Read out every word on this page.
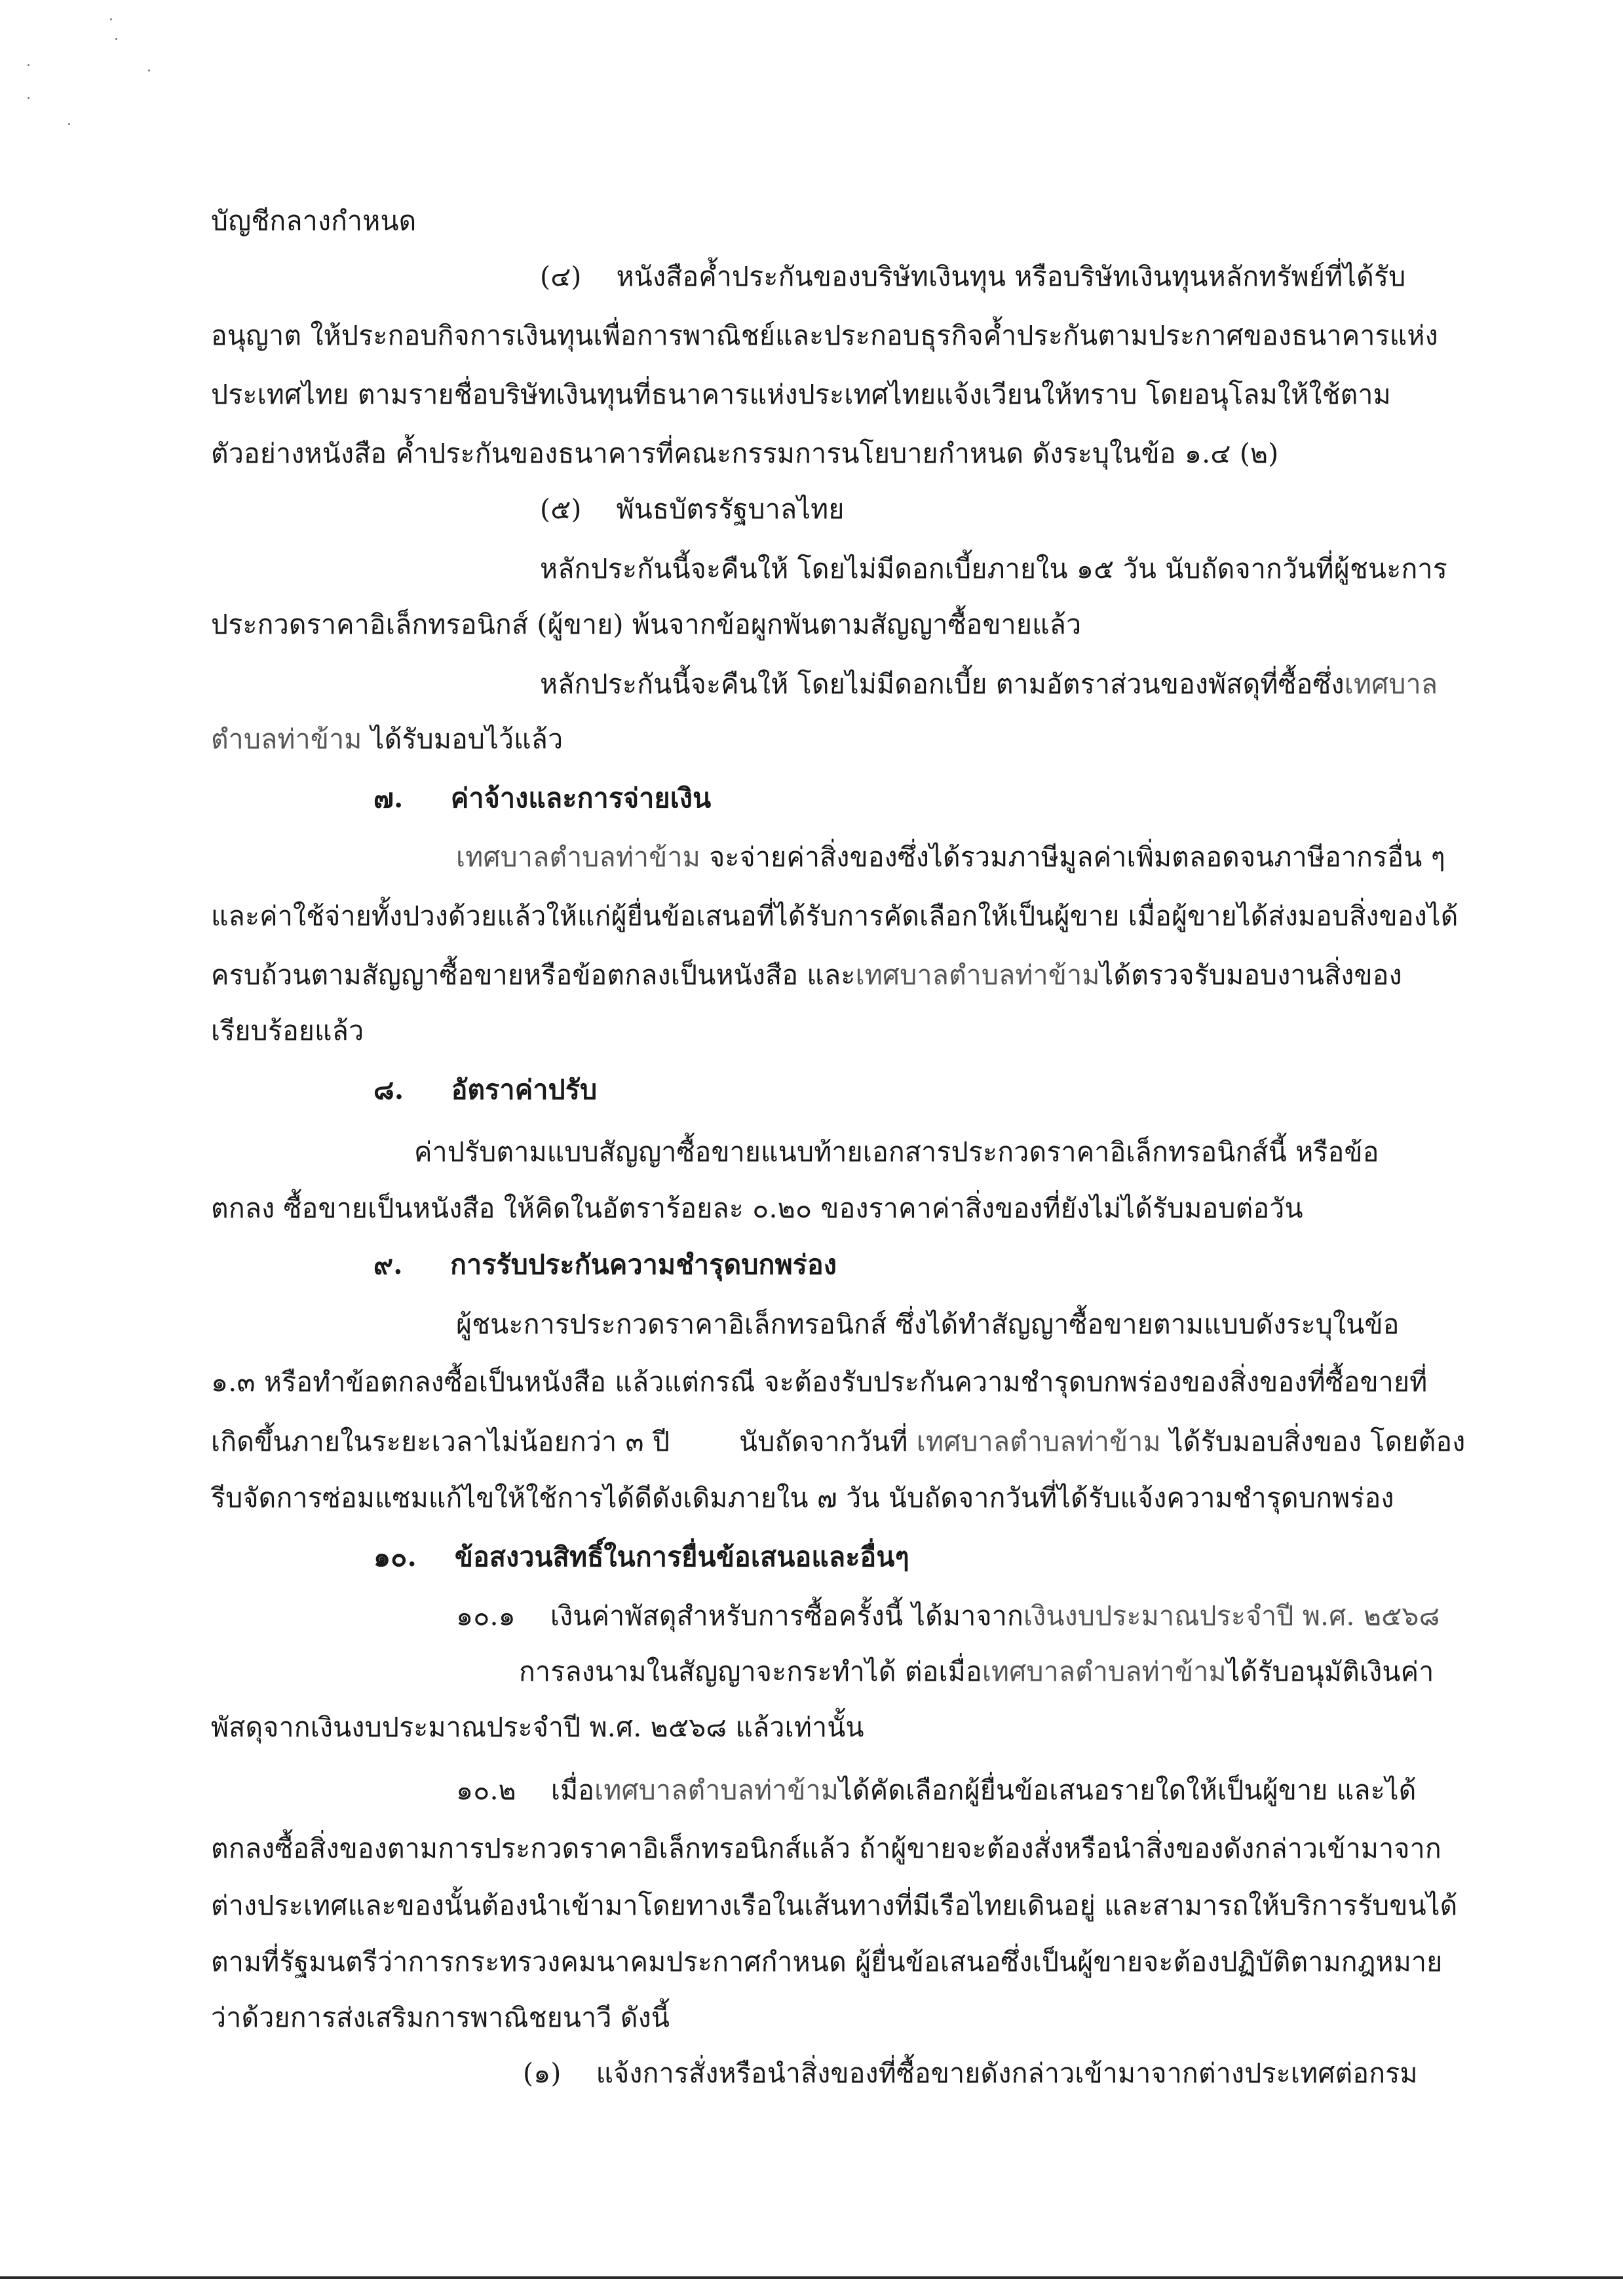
บัญชีกลางกำหนด

(๔) หนังสือค้ำประกันของบริษัทเงินทุน หรือบริษัทเงินทุนหลักทรัพย์ที่ได้รับ

อนุญาต ให้ประกอบกิจการเงินทุนเพื่อการพาณิชย์และประกอบธุรกิจค้ำประกันตามประกาศของธนาคารแห่ง

ประเทศไทย ตามรายชื่อบริษัทเงินทุนที่ธนาคารแห่งประเทศไทยแจ้งเวียนให้ทราบ โดยอนุโลมให้ใช้ตาม

ตัวอย่างหนังสือ ค้ำประกันของธนาคารที่คณะกรรมการนโยบายกำหนด ดังระบุในข้อ ๑.๔ (๒)

(๕) พันธบัตรรัฐบาลไทย

หลักประกันนี้จะคืนให้ โดยไม่มีดอกเบี้ยภายใน ๑๕ วัน นับถัดจากวันที่ผู้ชนะการ

ประกวดราคาอิเล็กทรอนิกส์ (ผู้ขาย) พ้นจากข้อผูกพันตามสัญญาซื้อขายแล้ว

หลักประกันนี้จะคืนให้ โดยไม่มีดอกเบี้ย ตามอัตราส่วนของพัสดุที่ซื้อซึ่งเทศบาล

ตำบลท่าข้าม ได้รับมอบไว้แล้ว

๗. ค่าจ้างและการจ่ายเงิน

เทศบาลตำบลท่าข้าม จะจ่ายค่าสิ่งของซึ่งได้รวมภาษีมูลค่าเพิ่มตลอดจนภาษีอากรอื่น ๆ

และค่าใช้จ่ายทั้งปวงด้วยแล้วให้แก่ผู้ยื่นข้อเสนอที่ได้รับการคัดเลือกให้เป็นผู้ขาย เมื่อผู้ขายได้ส่งมอบสิ่งของได้

ครบถ้วนตามสัญญาซื้อขายหรือข้อตกลงเป็นหนังสือ และเทศบาลตำบลท่าข้ามได้ตรวจรับมอบงานสิ่งของ

เรียบร้อยแล้ว

๘. อัตราค่าปรับ

ค่าปรับตามแบบสัญญาซื้อขายแนบท้ายเอกสารประกวดราคาอิเล็กทรอนิกส์นี้ หรือข้อ

ตกลง ซื้อขายเป็นหนังสือ ให้คิดในอัตราร้อยละ ๐.๒๐ ของราคาค่าสิ่งของที่ยังไม่ได้รับมอบต่อวัน

๙. การรับประกันความชำรุดบกพร่อง

ผู้ชนะการประกวดราคาอิเล็กทรอนิกส์ ซึ่งได้ทำสัญญาซื้อขายตามแบบดังระบุในข้อ

๑.๓ หรือทำข้อตกลงซื้อเป็นหนังสือ แล้วแต่กรณี จะต้องรับประกันความชำรุดบกพร่องของสิ่งของที่ซื้อขายที่

เกิดขึ้นภายในระยะเวลาไม่น้อยกว่า ๓ ปี	นับถัดจากวันที่ เทศบาลตำบลท่าข้าม ได้รับมอบสิ่งของ โดยต้อง

รีบจัดการซ่อมแซมแก้ไขให้ใช้การได้ดีดังเดิมภายใน ๗ วัน นับถัดจากวันที่ได้รับแจ้งความชำรุดบกพร่อง

๑๐. ข้อสงวนสิทธิ์ในการยื่นข้อเสนอและอื่นๆ

๑๐.๑ เงินค่าพัสดุสำหรับการซื้อครั้งนี้ ได้มาจากเงินงบประมาณประจำปี พ.ศ. ๒๕๖๘

การลงนามในสัญญาจะกระทำได้ ต่อเมื่อเทศบาลตำบลท่าข้ามได้รับอนุมัติเงินค่า

พัสดุจากเงินงบประมาณประจำปี พ.ศ. ๒๕๖๘ แล้วเท่านั้น

๑๐.๒ เมื่อเทศบาลตำบลท่าข้ามได้คัดเลือกผู้ยื่นข้อเสนอรายใดให้เป็นผู้ขาย และได้

ตกลงซื้อสิ่งของตามการประกวดราคาอิเล็กทรอนิกส์แล้ว ถ้าผู้ขายจะต้องสั่งหรือนำสิ่งของดังกล่าวเข้ามาจาก

ต่างประเทศและของนั้นต้องนำเข้ามาโดยทางเรือในเส้นทางที่มีเรือไทยเดินอยู่ และสามารถให้บริการรับขนได้

ตามที่รัฐมนตรีว่าการกระทรวงคมนาคมประกาศกำหนด ผู้ยื่นข้อเสนอซึ่งเป็นผู้ขายจะต้องปฏิบัติตามกฎหมาย

ว่าด้วยการส่งเสริมการพาณิชยนาวี ดังนี้

(๑) แจ้งการสั่งหรือนำสิ่งของที่ซื้อขายดังกล่าวเข้ามาจากต่างประเทศต่อกรม
